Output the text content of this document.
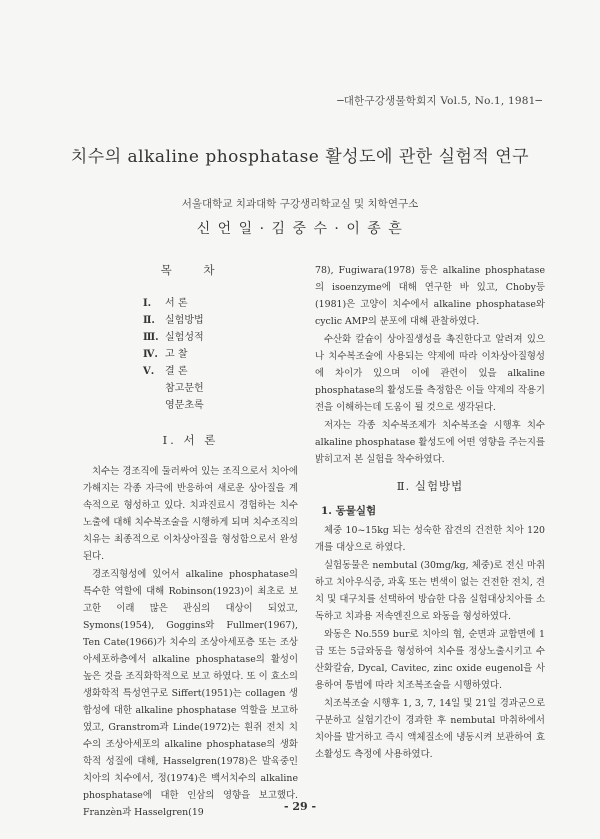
─대한구강생물학회지 Vol.5, No.1, 1981─
치수의 alkaline phosphatase 활성도에 관한 실험적 연구
서울대학교 치과대학 구강생리학교실 및 치학연구소
신 언 일 · 김 중 수 · 이 종 흔
목 차
Ⅰ. 서 론
Ⅱ. 실험방법
Ⅲ. 실험성적
Ⅳ. 고 찰
Ⅴ. 결 론
참고문헌
영문초록
Ⅰ. 서 론

치수는 경조직에 둘러싸여 있는 조직으로서 치아에 가해지는 각종 자극에 반응하여 새로운 상아질을 계속적으로 형성하고 있다. 치과진료시 경험하는 치수노출에 대해 치수복조술을 시행하게 되며 치수조직의 치유는 최종적으로 이차상아질을 형성함으로서 완성된다.

경조직형성에 있어서 alkaline phosphatase의 특수한 역할에 대해 Robinson(1923)이 최초로 보고한 이래 많은 관심의 대상이 되었고, Symons(1954), Goggins와 Fullmer(1967), Ten Cate(1966)가 치수의 조상아세포층 또는 조상아세포하층에서 alkaline phosphatase의 활성이 높은 것을 조직화학적으로 보고 하였다. 또 이 효소의 생화학적 특성연구로 Siffert(1951)는 collagen 생합성에 대한 alkaline phosphatase 역할을 보고하였고, Granstrom과 Linde(1972)는 흰쥐 전치 치수의 조상아세포의 alkaline phosphatase의 생화학적 성질에 대해, Hasselgren(1978)은 발육중인 치아의 치수에서, 정(1974)은 백서치수의 alkaline phosphatase에 대한 인삼의 영향을 보고했다. Franzèn과 Hasselgren(19

78), Fugiwara(1978) 등은 alkaline phosphatase의 isoenzyme에 대해 연구한 바 있고, Choby등 (1981)은 고양이 치수에서 alkaline phosphatase와 cyclic AMP의 분포에 대해 관찰하였다.

수산화 칼슘이 상아질생성을 촉진한다고 알려져 있으나 치수복조술에 사용되는 약제에 따라 이차상아질형성에 차이가 있으며 이에 관련이 있을 alkaline phosphatase의 활성도를 측정함은 이들 약제의 작용기전을 이해하는데 도움이 될 것으로 생각된다.

저자는 각종 치수복조제가 치수복조술 시행후 치수 alkaline phosphatase 활성도에 어떤 영향을 주는지를 밝히고저 본 실험을 착수하였다.

Ⅱ. 실험방법
1. 동물실험

체중 10~15kg 되는 성숙한 잡견의 건전한 치아 120개를 대상으로 하였다.

실험동물은 nembutal (30mg/kg, 체중)로 전신 마취하고 치아우식증, 과혹 또는 변색이 없는 건전한 전치, 견치 및 대구치를 선택하여 방습한 다음 실험대상치아를 소독하고 치과용 저속엔진으로 와동을 형성하였다.

와동은 No.559 bur로 치아의 협, 순면과 교합면에 1급 또는 5급와동을 형성하여 치수를 정상노출시키고 수산화칼슘, Dycal, Cavitec, zinc oxide eugenol을 사용하여 통법에 따라 치조복조술을 시행하였다.

치조복조술 시행후 1, 3, 7, 14일 및 21일 경과군으로 구분하고 실험기간이 경과한 후 nembutal 마취하에서 치아를 발거하고 즉시 액체질소에 냉동시켜 보관하여 효소활성도 측정에 사용하였다.

- 29 -
